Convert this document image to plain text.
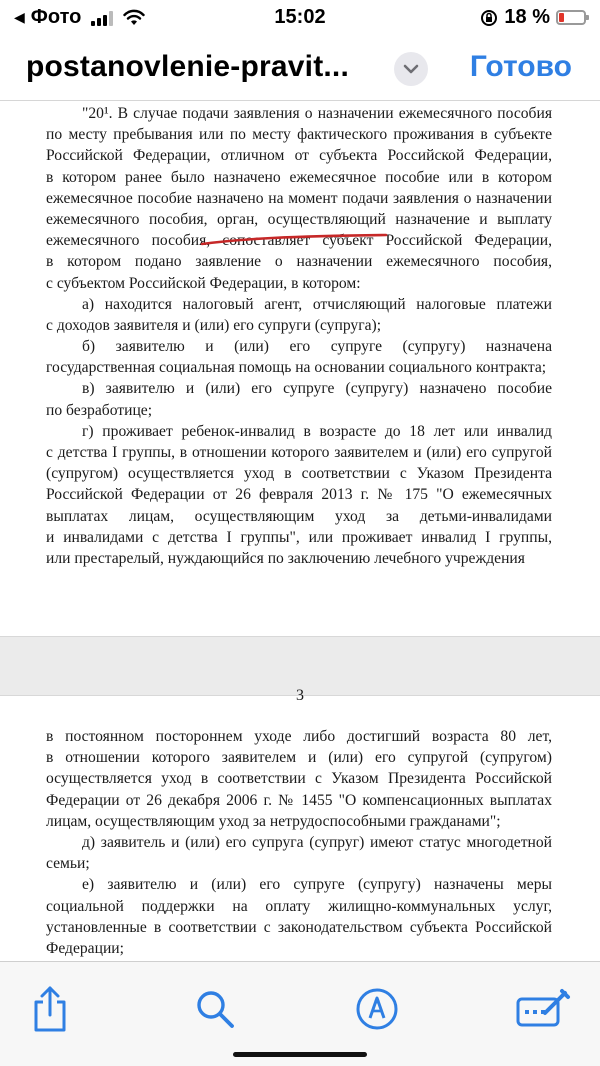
◀ Фото	15:02	18 %
postanovlenie-pravit...	Готово
"20¹. В случае подачи заявления о назначении ежемесячного пособия
по месту пребывания или по месту фактического проживания в субъекте
Российской Федерации, отличном от субъекта Российской Федерации,
в котором ранее было назначено ежемесячное пособие или в котором
ежемесячное пособие назначено на момент подачи заявления о назначении
ежемесячного пособия, орган, осуществляющий назначение и выплату
ежемесячного пособия, сопоставляет субъект Российской Федерации,
в котором подано заявление о назначении ежемесячного пособия,
с субъектом Российской Федерации, в котором:
а) находится налоговый агент, отчисляющий налоговые платежи
с доходов заявителя и (или) его супруги (супруга);
б) заявителю и (или) его супруге (супругу) назначена
государственная социальная помощь на основании социального контракта;
в) заявителю и (или) его супруге (супругу) назначено пособие
по безработице;
г) проживает ребенок-инвалид в возрасте до 18 лет или инвалид
с детства I группы, в отношении которого заявителем и (или) его супругой
(супругом) осуществляется уход в соответствии с Указом Президента
Российской Федерации от 26 февраля 2013 г. № 175 "О ежемесячных
выплатах лицам, осуществляющим уход за детьми-инвалидами
и инвалидами с детства I группы", или проживает инвалид I группы,
или престарелый, нуждающийся по заключению лечебного учреждения
3
в постоянном постороннем уходе либо достигший возраста 80 лет,
в отношении которого заявителем и (или) его супругой (супругом)
осуществляется уход в соответствии с Указом Президента Российской
Федерации от 26 декабря 2006 г. № 1455 "О компенсационных выплатах
лицам, осуществляющим уход за нетрудоспособными гражданами";
д) заявитель и (или) его супруга (супруг) имеют статус многодетной
семьи;
е) заявителю и (или) его супруге (супругу) назначены меры
социальной поддержки на оплату жилищно-коммунальных услуг,
установленные в соответствии с законодательством субъекта Российской
Федерации;
